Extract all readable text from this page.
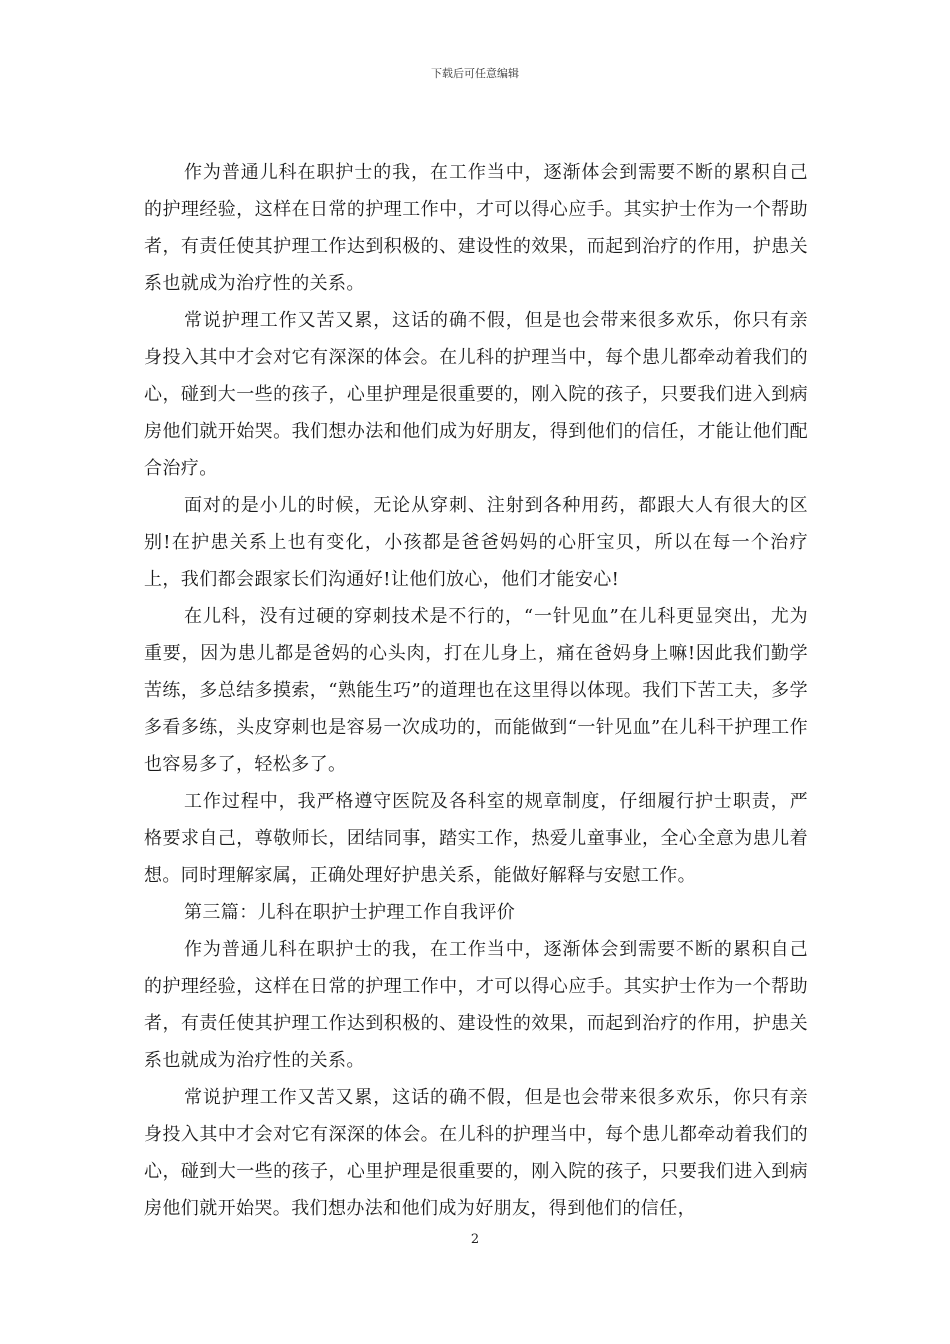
下载后可任意编辑

作为普通儿科在职护士的我，在工作当中，逐渐体会到需要不断的累积自己的护理经验，这样在日常的护理工作中，才可以得心应手。其实护士作为一个帮助者，有责任使其护理工作达到积极的、建设性的效果，而起到治疗的作用，护患关系也就成为治疗性的关系。

常说护理工作又苦又累，这话的确不假，但是也会带来很多欢乐，你只有亲身投入其中才会对它有深深的体会。在儿科的护理当中，每个患儿都牵动着我们的心，碰到大一些的孩子，心里护理是很重要的，刚入院的孩子，只要我们进入到病房他们就开始哭。我们想办法和他们成为好朋友，得到他们的信任，才能让他们配合治疗。

面对的是小儿的时候，无论从穿刺、注射到各种用药，都跟大人有很大的区别!在护患关系上也有变化，小孩都是爸爸妈妈的心肝宝贝，所以在每一个治疗上，我们都会跟家长们沟通好!让他们放心，他们才能安心!

在儿科，没有过硬的穿刺技术是不行的，“一针见血”在儿科更显突出，尤为重要，因为患儿都是爸妈的心头肉，打在儿身上，痛在爸妈身上嘛!因此我们勤学苦练，多总结多摸索，“熟能生巧”的道理也在这里得以体现。我们下苦工夫，多学多看多练，头皮穿刺也是容易一次成功的，而能做到“一针见血”在儿科干护理工作也容易多了，轻松多了。

工作过程中，我严格遵守医院及各科室的规章制度，仔细履行护士职责，严格要求自己，尊敬师长，团结同事，踏实工作，热爱儿童事业，全心全意为患儿着想。同时理解家属，正确处理好护患关系，能做好解释与安慰工作。

第三篇：儿科在职护士护理工作自我评价

作为普通儿科在职护士的我，在工作当中，逐渐体会到需要不断的累积自己的护理经验，这样在日常的护理工作中，才可以得心应手。其实护士作为一个帮助者，有责任使其护理工作达到积极的、建设性的效果，而起到治疗的作用，护患关系也就成为治疗性的关系。

常说护理工作又苦又累，这话的确不假，但是也会带来很多欢乐，你只有亲身投入其中才会对它有深深的体会。在儿科的护理当中，每个患儿都牵动着我们的心，碰到大一些的孩子，心里护理是很重要的，刚入院的孩子，只要我们进入到病房他们就开始哭。我们想办法和他们成为好朋友，得到他们的信任，

2
